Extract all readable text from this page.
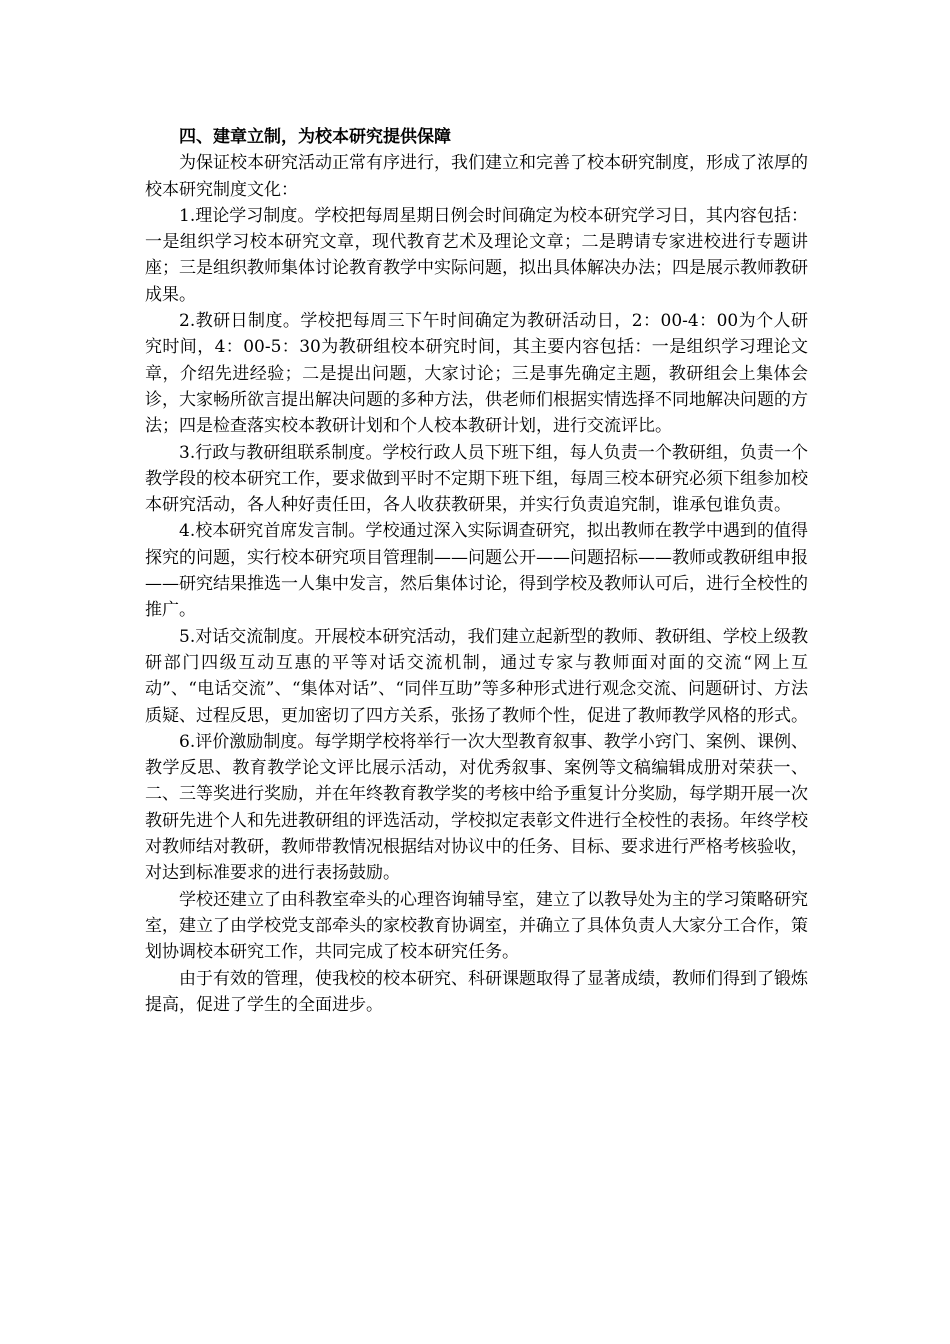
四、建章立制，为校本研究提供保障

为保证校本研究活动正常有序进行，我们建立和完善了校本研究制度，形成了浓厚的校本研究制度文化：

1.理论学习制度。学校把每周星期日例会时间确定为校本研究学习日，其内容包括：一是组织学习校本研究文章，现代教育艺术及理论文章；二是聘请专家进校进行专题讲座；三是组织教师集体讨论教育教学中实际问题，拟出具体解决办法；四是展示教师教研成果。

2.教研日制度。学校把每周三下午时间确定为教研活动日，2：00-4：00为个人研究时间，4：00-5：30为教研组校本研究时间，其主要内容包括：一是组织学习理论文章，介绍先进经验；二是提出问题，大家讨论；三是事先确定主题，教研组会上集体会诊，大家畅所欲言提出解决问题的多种方法，供老师们根据实情选择不同地解决问题的方法；四是检查落实校本教研计划和个人校本教研计划，进行交流评比。

3.行政与教研组联系制度。学校行政人员下班下组，每人负责一个教研组，负责一个教学段的校本研究工作，要求做到平时不定期下班下组，每周三校本研究必须下组参加校本研究活动，各人种好责任田，各人收获教研果，并实行负责追究制，谁承包谁负责。

4.校本研究首席发言制。学校通过深入实际调查研究，拟出教师在教学中遇到的值得探究的问题，实行校本研究项目管理制——问题公开——问题招标——教师或教研组申报——研究结果推选一人集中发言，然后集体讨论，得到学校及教师认可后，进行全校性的推广。

5.对话交流制度。开展校本研究活动，我们建立起新型的教师、教研组、学校上级教研部门四级互动互惠的平等对话交流机制，通过专家与教师面对面的交流“网上互动”、“电话交流”、“集体对话”、“同伴互助”等多种形式进行观念交流、问题研讨、方法质疑、过程反思，更加密切了四方关系，张扬了教师个性，促进了教师教学风格的形式。

6.评价激励制度。每学期学校将举行一次大型教育叙事、教学小窍门、案例、课例、教学反思、教育教学论文评比展示活动，对优秀叙事、案例等文稿编辑成册对荣获一、二、三等奖进行奖励，并在年终教育教学奖的考核中给予重复计分奖励，每学期开展一次教研先进个人和先进教研组的评选活动，学校拟定表彰文件进行全校性的表扬。年终学校对教师结对教研，教师带教情况根据结对协议中的任务、目标、要求进行严格考核验收，对达到标准要求的进行表扬鼓励。

学校还建立了由科教室牵头的心理咨询辅导室，建立了以教导处为主的学习策略研究室，建立了由学校党支部牵头的家校教育协调室，并确立了具体负责人大家分工合作，策划协调校本研究工作，共同完成了校本研究任务。

由于有效的管理，使我校的校本研究、科研课题取得了显著成绩，教师们得到了锻炼提高，促进了学生的全面进步。
